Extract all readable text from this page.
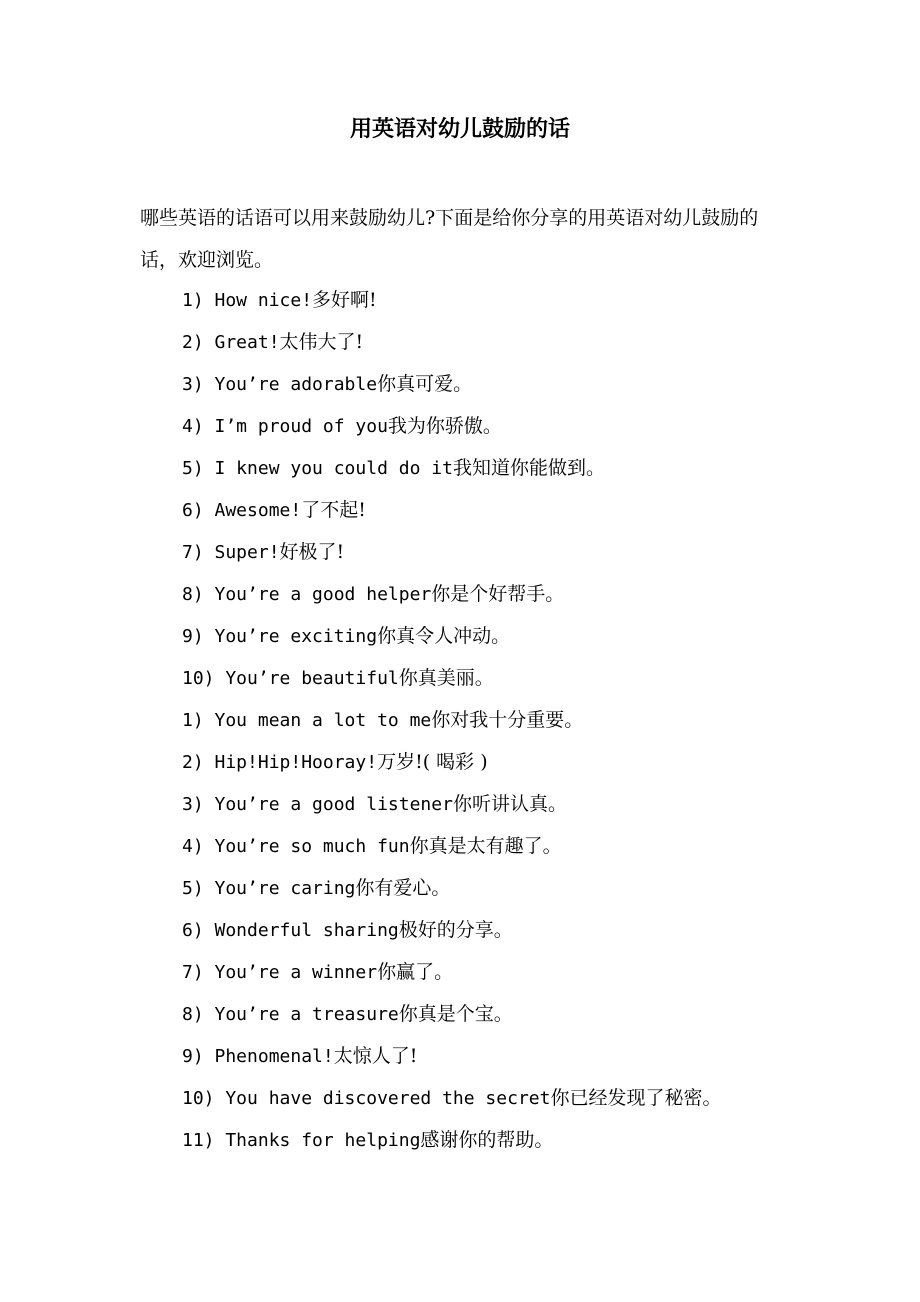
用英语对幼儿鼓励的话
哪些英语的话语可以用来鼓励幼儿?下面是给你分享的用英语对幼儿鼓励的话，欢迎浏览。
1) How nice!多好啊!
2) Great!太伟大了!
3) You’re adorable你真可爱。
4) I’m proud of you我为你骄傲。
5) I knew you could do it我知道你能做到。
6) Awesome!了不起!
7) Super!好极了!
8) You’re a good helper你是个好帮手。
9) You’re exciting你真令人冲动。
10) You’re beautiful你真美丽。
1) You mean a lot to me你对我十分重要。
2) Hip!Hip!Hooray!万岁!( 喝彩 )
3) You’re a good listener你听讲认真。
4) You’re so much fun你真是太有趣了。
5) You’re caring你有爱心。
6) Wonderful sharing极好的分享。
7) You’re a winner你赢了。
8) You’re a treasure你真是个宝。
9) Phenomenal!太惊人了!
10) You have discovered the secret你已经发现了秘密。
11) Thanks for helping感谢你的帮助。
